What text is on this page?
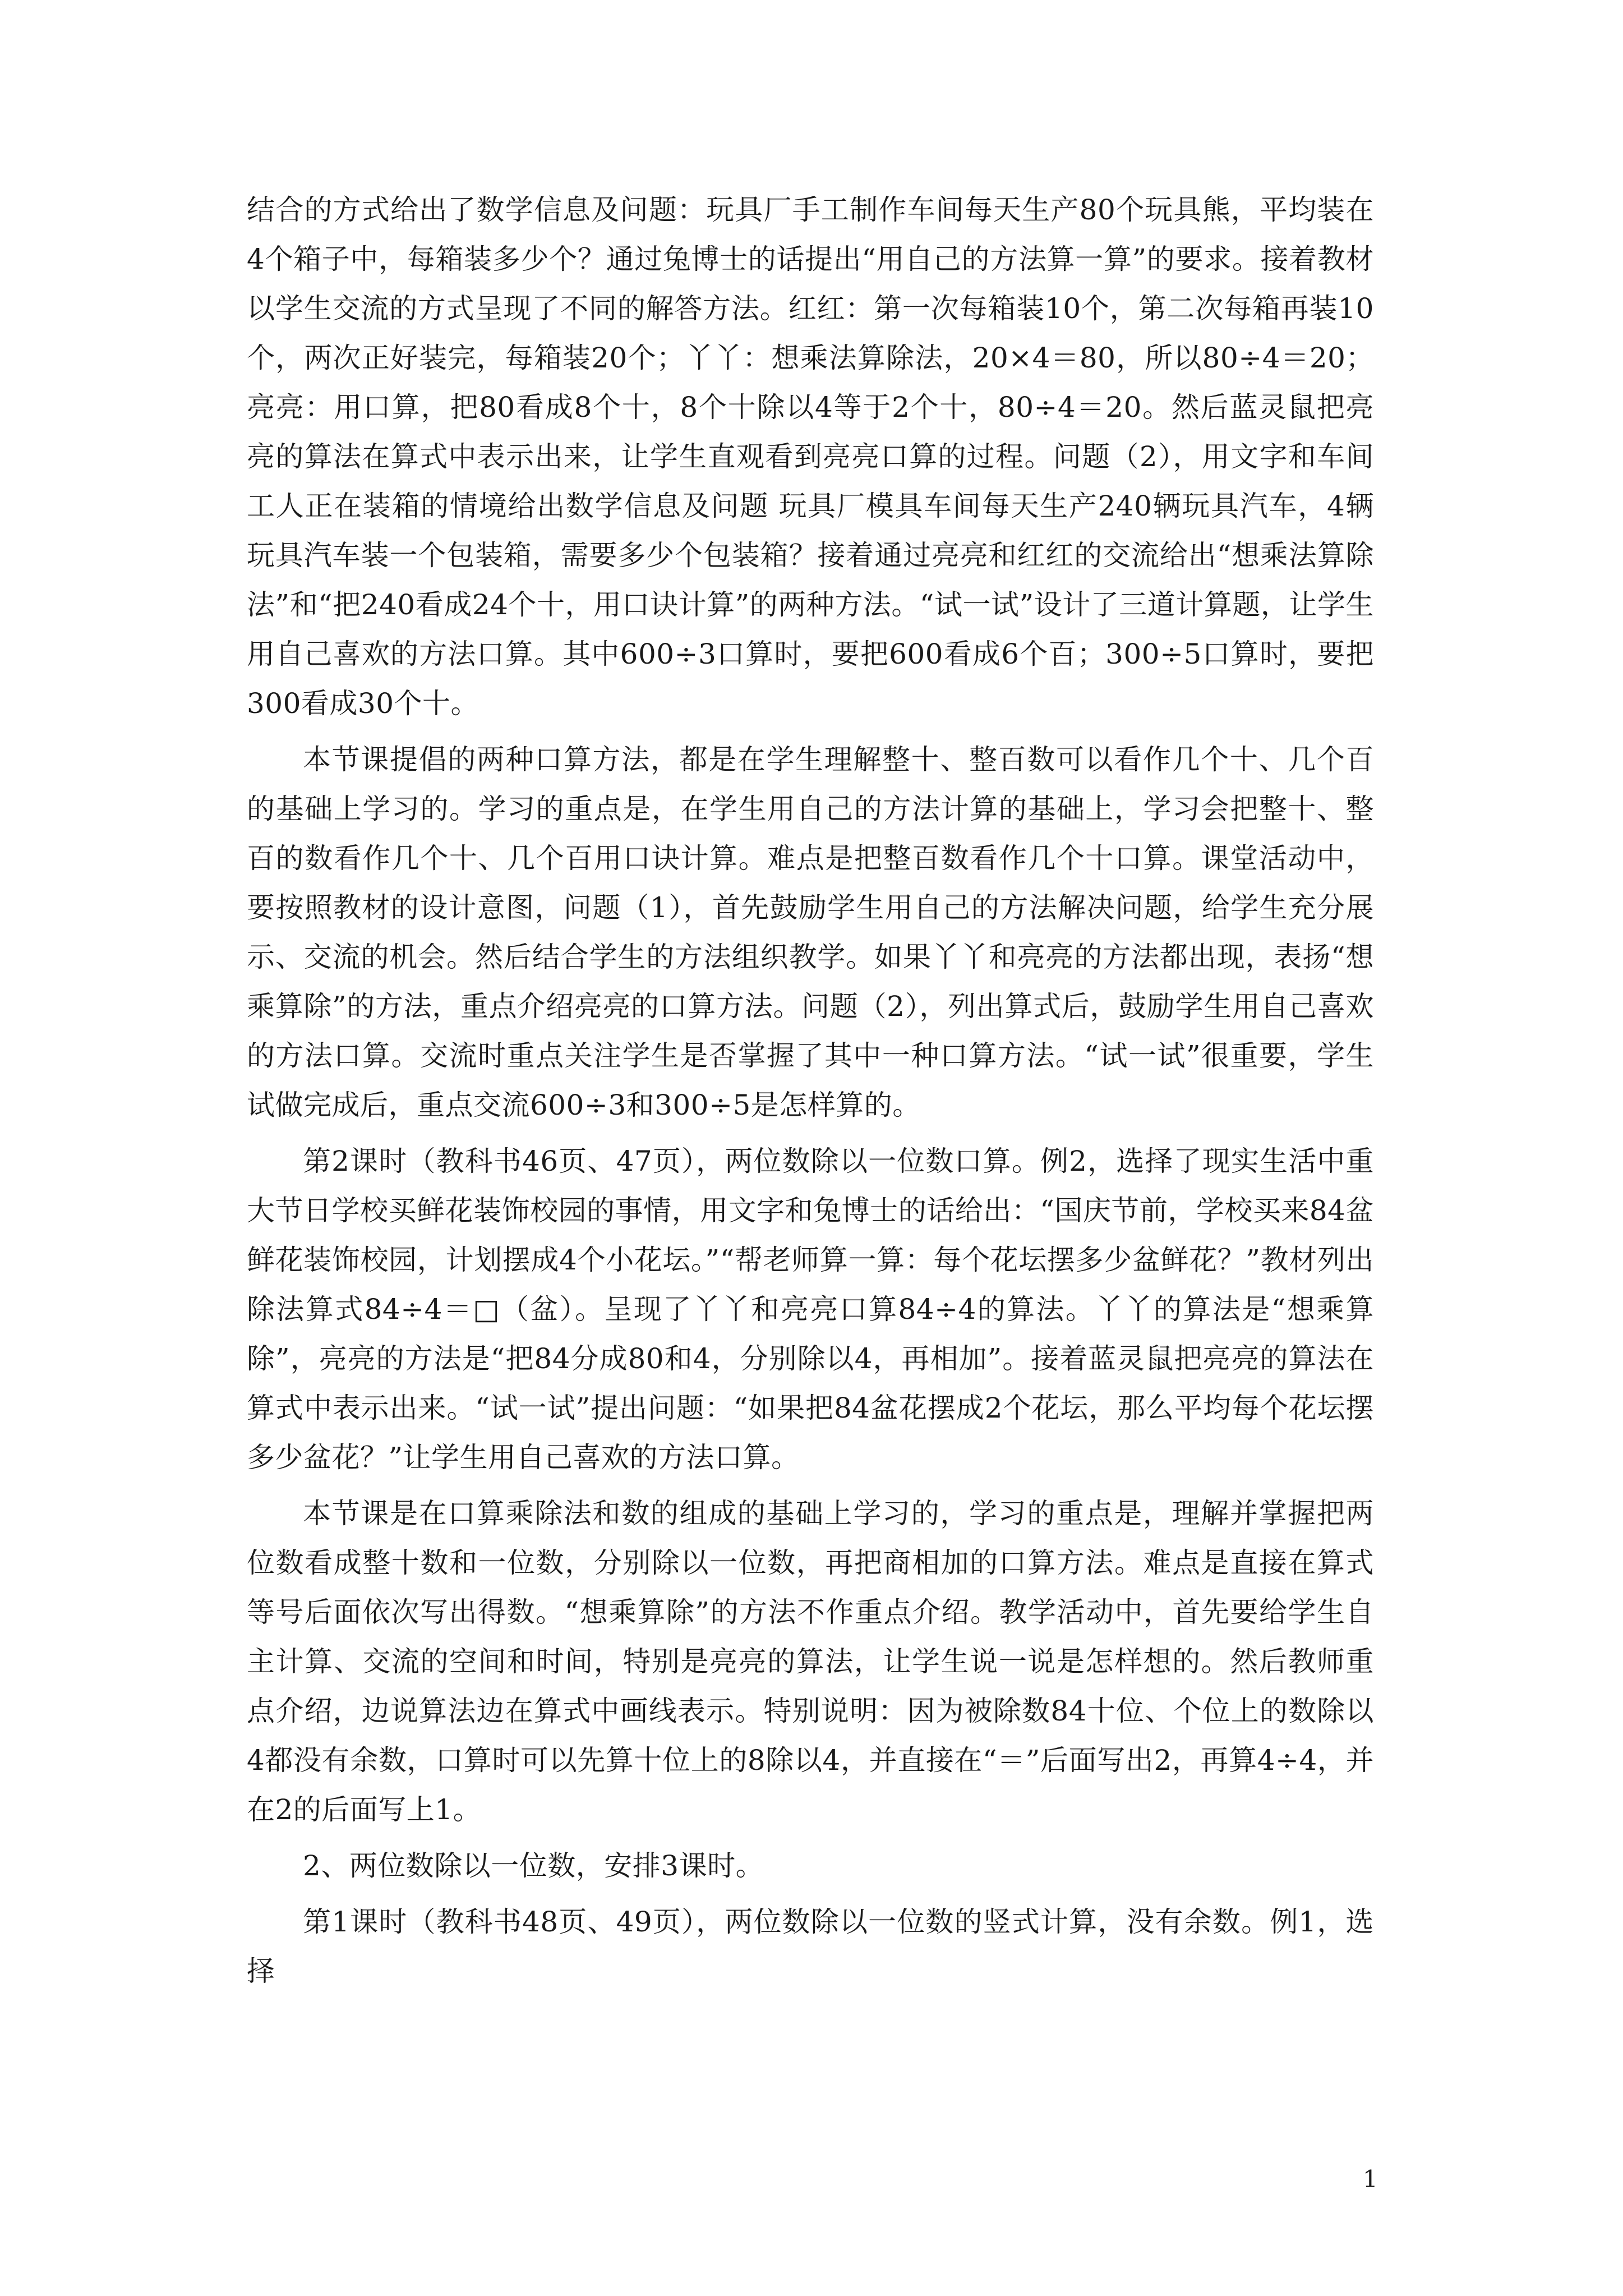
结合的方式给出了数学信息及问题：玩具厂手工制作车间每天生产80个玩具熊，平均装在4个箱子中，每箱装多少个？通过兔博士的话提出“用自己的方法算一算”的要求。接着教材以学生交流的方式呈现了不同的解答方法。红红：第一次每箱装10个，第二次每箱再装10个，两次正好装完，每箱装20个；丫丫：想乘法算除法，20×4＝80，所以80÷4＝20；亮亮：用口算，把80看成8个十，8个十除以4等于2个十，80÷4＝20。然后蓝灵鼠把亮亮的算法在算式中表示出来，让学生直观看到亮亮口算的过程。问题（2），用文字和车间工人正在装箱的情境给出数学信息及问题 玩具厂模具车间每天生产240辆玩具汽车，4辆玩具汽车装一个包装箱，需要多少个包装箱？接着通过亮亮和红红的交流给出“想乘法算除法”和“把240看成24个十，用口诀计算”的两种方法。“试一试”设计了三道计算题，让学生用自己喜欢的方法口算。其中600÷3口算时，要把600看成6个百；300÷5口算时，要把300看成30个十。

本节课提倡的两种口算方法，都是在学生理解整十、整百数可以看作几个十、几个百的基础上学习的。学习的重点是，在学生用自己的方法计算的基础上，学习会把整十、整百的数看作几个十、几个百用口诀计算。难点是把整百数看作几个十口算。课堂活动中，要按照教材的设计意图，问题（1），首先鼓励学生用自己的方法解决问题，给学生充分展示、交流的机会。然后结合学生的方法组织教学。如果丫丫和亮亮的方法都出现，表扬“想乘算除”的方法，重点介绍亮亮的口算方法。问题（2），列出算式后，鼓励学生用自己喜欢的方法口算。交流时重点关注学生是否掌握了其中一种口算方法。“试一试”很重要，学生试做完成后，重点交流600÷3和300÷5是怎样算的。

第2课时（教科书46页、47页），两位数除以一位数口算。例2，选择了现实生活中重大节日学校买鲜花装饰校园的事情，用文字和兔博士的话给出：“国庆节前，学校买来84盆鲜花装饰校园，计划摆成4个小花坛。”“帮老师算一算：每个花坛摆多少盆鲜花？”教材列出除法算式84÷4＝□（盆）。呈现了丫丫和亮亮口算84÷4的算法。丫丫的算法是“想乘算除”，亮亮的方法是“把84分成80和4，分别除以4，再相加”。接着蓝灵鼠把亮亮的算法在算式中表示出来。“试一试”提出问题：“如果把84盆花摆成2个花坛，那么平均每个花坛摆多少盆花？”让学生用自己喜欢的方法口算。

本节课是在口算乘除法和数的组成的基础上学习的，学习的重点是，理解并掌握把两位数看成整十数和一位数，分别除以一位数，再把商相加的口算方法。难点是直接在算式等号后面依次写出得数。“想乘算除”的方法不作重点介绍。教学活动中，首先要给学生自主计算、交流的空间和时间，特别是亮亮的算法，让学生说一说是怎样想的。然后教师重点介绍，边说算法边在算式中画线表示。特别说明：因为被除数84十位、个位上的数除以4都没有余数，口算时可以先算十位上的8除以4，并直接在“＝”后面写出2，再算4÷4，并在2的后面写上1。

2、两位数除以一位数，安排3课时。

第1课时（教科书48页、49页），两位数除以一位数的竖式计算，没有余数。例1，选择

1
